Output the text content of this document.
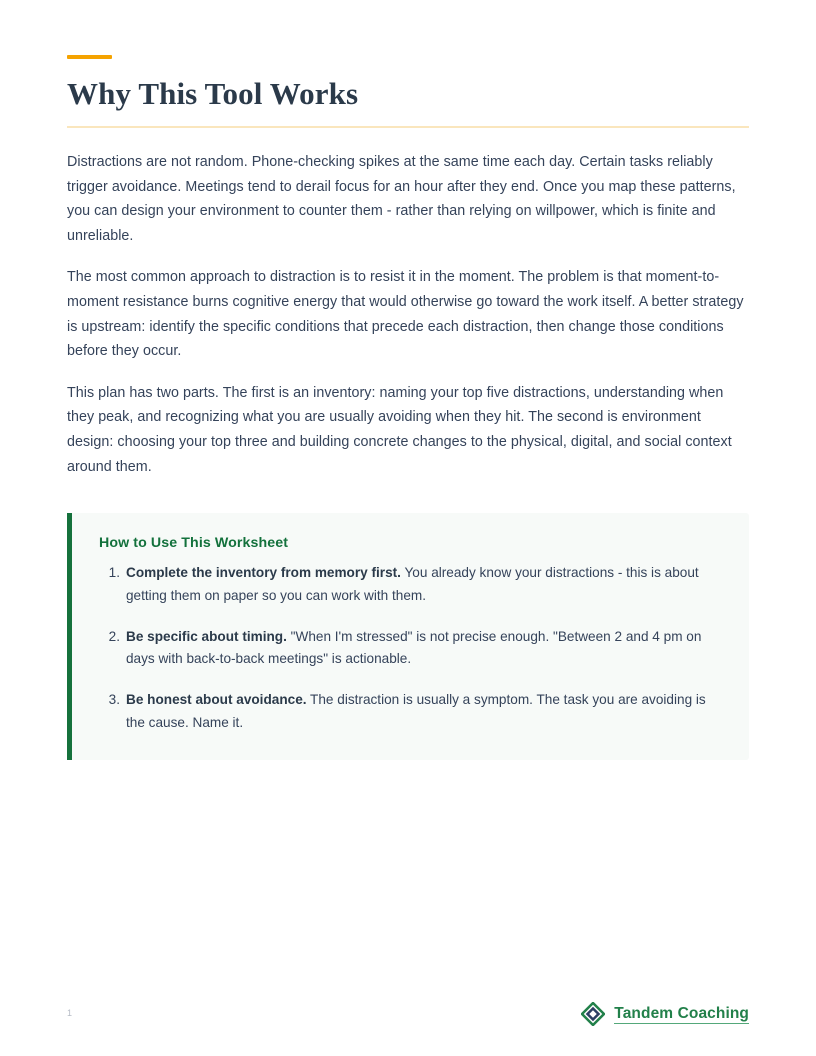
Why This Tool Works

Distractions are not random. Phone-checking spikes at the same time each day. Certain tasks reliably trigger avoidance. Meetings tend to derail focus for an hour after they end. Once you map these patterns, you can design your environment to counter them - rather than relying on willpower, which is finite and unreliable.

The most common approach to distraction is to resist it in the moment. The problem is that moment-to-moment resistance burns cognitive energy that would otherwise go toward the work itself. A better strategy is upstream: identify the specific conditions that precede each distraction, then change those conditions before they occur.

This plan has two parts. The first is an inventory: naming your top five distractions, understanding when they peak, and recognizing what you are usually avoiding when they hit. The second is environment design: choosing your top three and building concrete changes to the physical, digital, and social context around them.

How to Use This Worksheet
1. Complete the inventory from memory first. You already know your distractions - this is about getting them on paper so you can work with them.
2. Be specific about timing. "When I'm stressed" is not precise enough. "Between 2 and 4 pm on days with back-to-back meetings" is actionable.
3. Be honest about avoidance. The distraction is usually a symptom. The task you are avoiding is the cause. Name it.
1	Tandem Coaching
